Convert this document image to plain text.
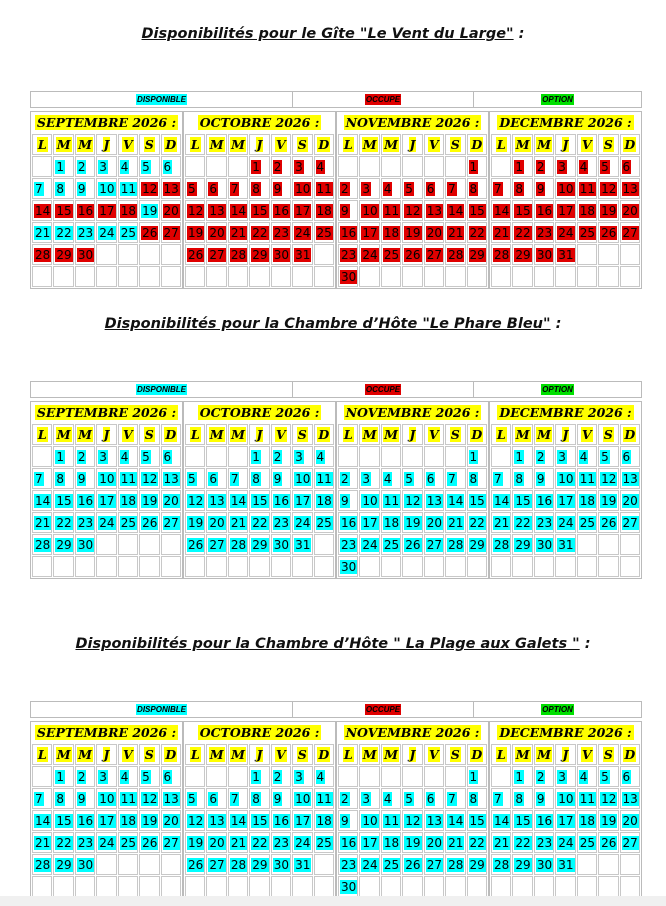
Disponibilités pour le Gîte "Le Vent du Large" :
DISPONIBLE	OCCUPE	OPTION
SEPTEMBRE 2026 :
L	M	M	J	V	S	D
	1	2	3	4	5	6
7	8	9	10	11	12	13
14	15	16	17	18	19	20
21	22	23	24	25	26	27
28	29	30				

OCTOBRE 2026 :
L	M	M	J	V	S	D
			1	2	3	4
5	6	7	8	9	10	11
12	13	14	15	16	17	18
19	20	21	22	23	24	25
26	27	28	29	30	31	

NOVEMBRE 2026 :
L	M	M	J	V	S	D
						1
2	3	4	5	6	7	8
9	10	11	12	13	14	15
16	17	18	19	20	21	22
23	24	25	26	27	28	29
30						
DECEMBRE 2026 :
L	M	M	J	V	S	D
	1	2	3	4	5	6
7	8	9	10	11	12	13
14	15	16	17	18	19	20
21	22	23	24	25	26	27
28	29	30	31			

Disponibilités pour la Chambre d’Hôte "Le Phare Bleu" :
DISPONIBLE	OCCUPE	OPTION
SEPTEMBRE 2026 :
L	M	M	J	V	S	D
	1	2	3	4	5	6
7	8	9	10	11	12	13
14	15	16	17	18	19	20
21	22	23	24	25	26	27
28	29	30				

OCTOBRE 2026 :
L	M	M	J	V	S	D
			1	2	3	4
5	6	7	8	9	10	11
12	13	14	15	16	17	18
19	20	21	22	23	24	25
26	27	28	29	30	31	

NOVEMBRE 2026 :
L	M	M	J	V	S	D
						1
2	3	4	5	6	7	8
9	10	11	12	13	14	15
16	17	18	19	20	21	22
23	24	25	26	27	28	29
30						
DECEMBRE 2026 :
L	M	M	J	V	S	D
	1	2	3	4	5	6
7	8	9	10	11	12	13
14	15	16	17	18	19	20
21	22	23	24	25	26	27
28	29	30	31			

Disponibilités pour la Chambre d’Hôte " La Plage aux Galets " :
DISPONIBLE	OCCUPE	OPTION
SEPTEMBRE 2026 :
L	M	M	J	V	S	D
	1	2	3	4	5	6
7	8	9	10	11	12	13
14	15	16	17	18	19	20
21	22	23	24	25	26	27
28	29	30				

OCTOBRE 2026 :
L	M	M	J	V	S	D
			1	2	3	4
5	6	7	8	9	10	11
12	13	14	15	16	17	18
19	20	21	22	23	24	25
26	27	28	29	30	31	

NOVEMBRE 2026 :
L	M	M	J	V	S	D
						1
2	3	4	5	6	7	8
9	10	11	12	13	14	15
16	17	18	19	20	21	22
23	24	25	26	27	28	29
30						
DECEMBRE 2026 :
L	M	M	J	V	S	D
	1	2	3	4	5	6
7	8	9	10	11	12	13
14	15	16	17	18	19	20
21	22	23	24	25	26	27
28	29	30	31			
